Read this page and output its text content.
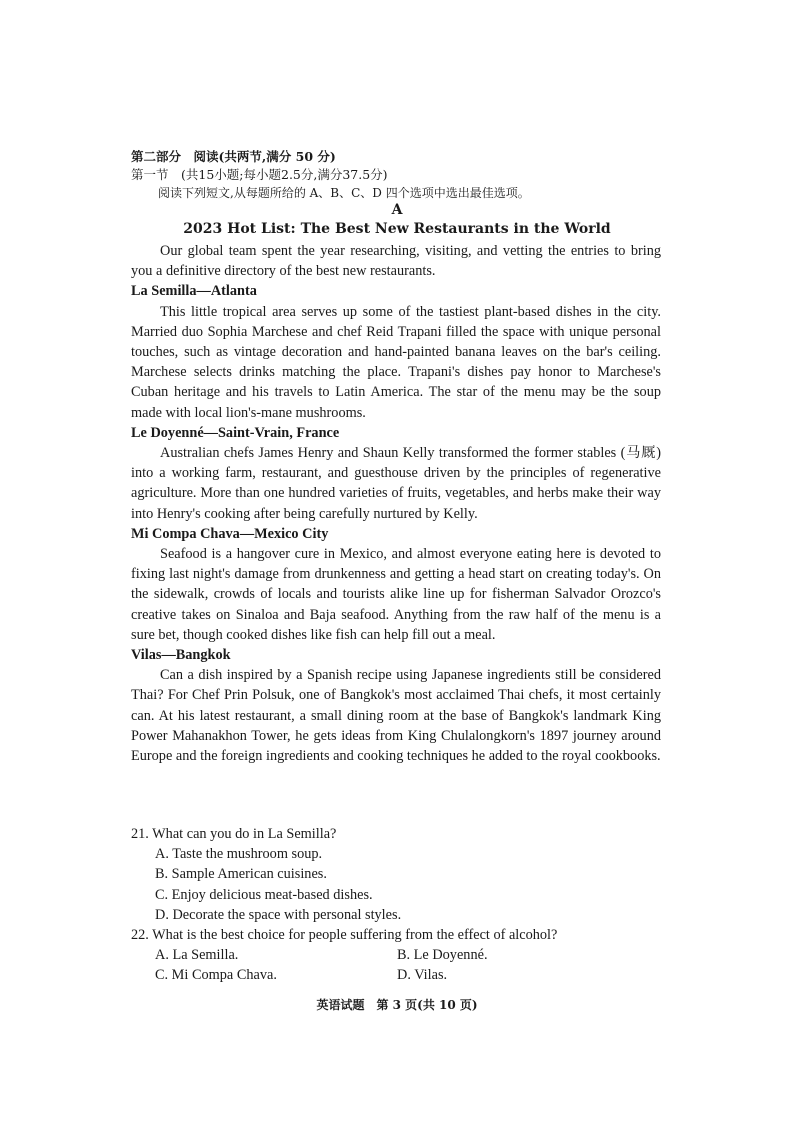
第二部分　阅读(共两节,满分 50 分)
第一节　(共15小题;每小题2.5分,满分37.5分)
阅读下列短文,从每题所给的 A、B、C、D 四个选项中选出最佳选项。
A
2023 Hot List: The Best New Restaurants in the World

Our global team spent the year researching, visiting, and vetting the entries to bring you a definitive directory of the best new restaurants.

La Semilla—Atlanta

This little tropical area serves up some of the tastiest plant-based dishes in the city. Married duo Sophia Marchese and chef Reid Trapani filled the space with unique personal touches, such as vintage decoration and hand-painted banana leaves on the bar's ceiling. Marchese selects drinks matching the place. Trapani's dishes pay honor to Marchese's Cuban heritage and his travels to Latin America. The star of the menu may be the soup made with local lion's-mane mushrooms.

Le Doyenné—Saint-Vrain, France

Australian chefs James Henry and Shaun Kelly transformed the former stables (马厩) into a working farm, restaurant, and guesthouse driven by the principles of regenerative agriculture. More than one hundred varieties of fruits, vegetables, and herbs make their way into Henry's cooking after being carefully nurtured by Kelly.

Mi Compa Chava—Mexico City

Seafood is a hangover cure in Mexico, and almost everyone eating here is devoted to fixing last night's damage from drunkenness and getting a head start on creating today's. On the sidewalk, crowds of locals and tourists alike line up for fisherman Salvador Orozco's creative takes on Sinaloa and Baja seafood. Anything from the raw half of the menu is a sure bet, though cooked dishes like fish can help fill out a meal.

Vilas—Bangkok

Can a dish inspired by a Spanish recipe using Japanese ingredients still be considered Thai? For Chef Prin Polsuk, one of Bangkok's most acclaimed Thai chefs, it most certainly can. At his latest restaurant, a small dining room at the base of Bangkok's landmark King Power Mahanakhon Tower, he gets ideas from King Chulalongkorn's 1897 journey around Europe and the foreign ingredients and cooking techniques he added to the royal cookbooks.

21. What can you do in La Semilla?

A. Taste the mushroom soup.

B. Sample American cuisines.

C. Enjoy delicious meat-based dishes.

D. Decorate the space with personal styles.

22. What is the best choice for people suffering from the effect of alcohol?

A. La Semilla.	B. Le Doyenné.
C. Mi Compa Chava.	D. Vilas.
英语试题　第 3 页(共 10 页)
